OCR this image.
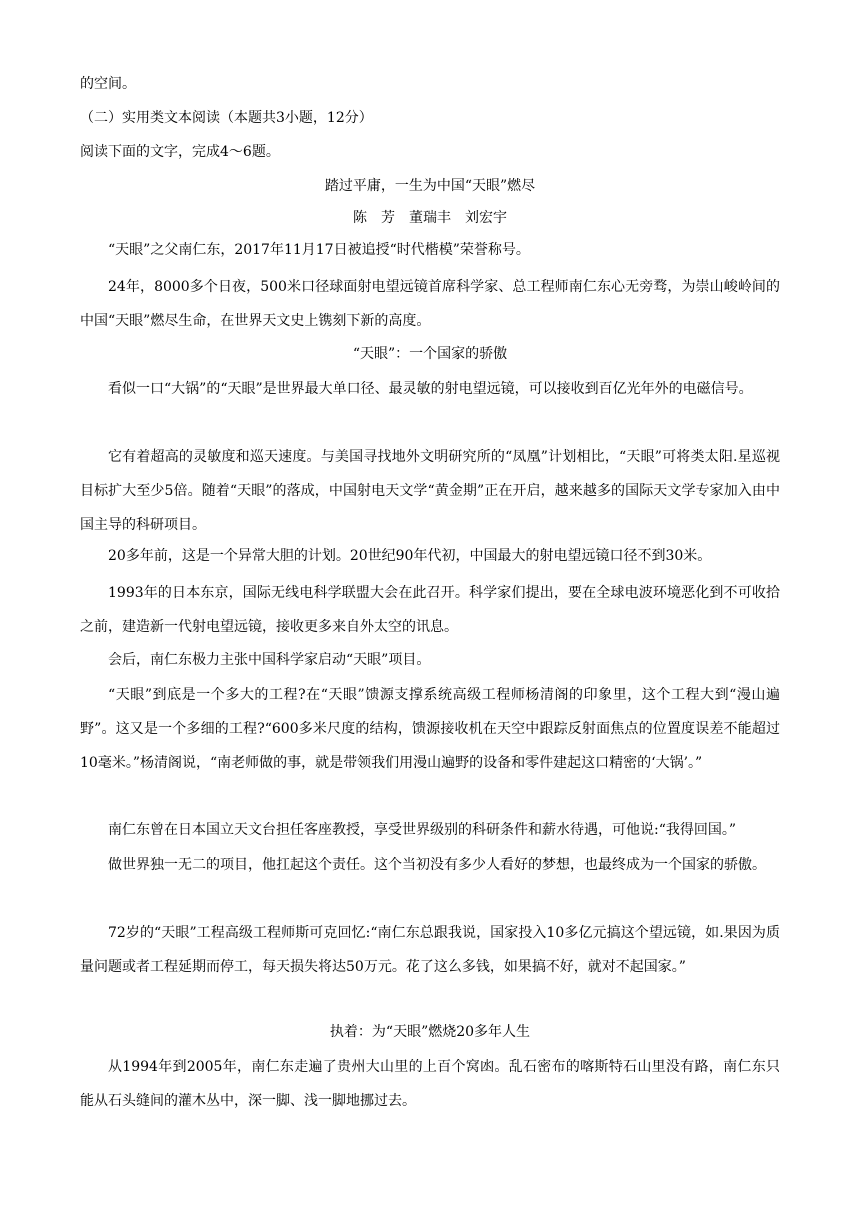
的空间。
（二）实用类文本阅读（本题共3小题，12分）
阅读下面的文字，完成4～6题。
踏过平庸，一生为中国“天眼”燃尽
陈　芳　董瑞丰　刘宏宇
“天眼”之父南仁东，2017年11月17日被追授“时代楷模”荣誉称号。
24年，8000多个日夜，500米口径球面射电望远镜首席科学家、总工程师南仁东心无旁骛，为崇山峻岭间的中国“天眼”燃尽生命，在世界天文史上镌刻下新的高度。
“天眼”：一个国家的骄傲
看似一口“大锅”的“天眼”是世界最大单口径、最灵敏的射电望远镜，可以接收到百亿光年外的电磁信号。
它有着超高的灵敏度和巡天速度。与美国寻找地外文明研究所的“凤凰”计划相比，“天眼”可将类太阳.星巡视目标扩大至少5倍。随着“天眼”的落成，中国射电天文学“黄金期”正在开启，越来越多的国际天文学专家加入由中国主导的科研项目。
20多年前，这是一个异常大胆的计划。20世纪90年代初，中国最大的射电望远镜口径不到30米。
1993年的日本东京，国际无线电科学联盟大会在此召开。科学家们提出，要在全球电波环境恶化到不可收拾之前，建造新一代射电望远镜，接收更多来自外太空的讯息。
会后，南仁东极力主张中国科学家启动“天眼”项目。
“天眼”到底是一个多大的工程?在“天眼”馈源支撑系统高级工程师杨清阁的印象里，这个工程大到“漫山遍野”。这又是一个多细的工程?“600多米尺度的结构，馈源接收机在天空中跟踪反射面焦点的位置度误差不能超过10毫米。”杨清阁说，“南老师做的事，就是带领我们用漫山遍野的设备和零件建起这口精密的‘大锅’。”
南仁东曾在日本国立天文台担任客座教授，享受世界级别的科研条件和薪水待遇，可他说:“我得回国。”
做世界独一无二的项目，他扛起这个责任。这个当初没有多少人看好的梦想，也最终成为一个国家的骄傲。
72岁的“天眼”工程高级工程师斯可克回忆:“南仁东总跟我说，国家投入10多亿元搞这个望远镜，如.果因为质量问题或者工程延期而停工，每天损失将达50万元。花了这么多钱，如果搞不好，就对不起国家。”
执着：为“天眼”燃烧20多年人生
从1994年到2005年，南仁东走遍了贵州大山里的上百个窝凼。乱石密布的喀斯特石山里没有路，南仁东只能从石头缝间的灌木丛中，深一脚、浅一脚地挪过去。
